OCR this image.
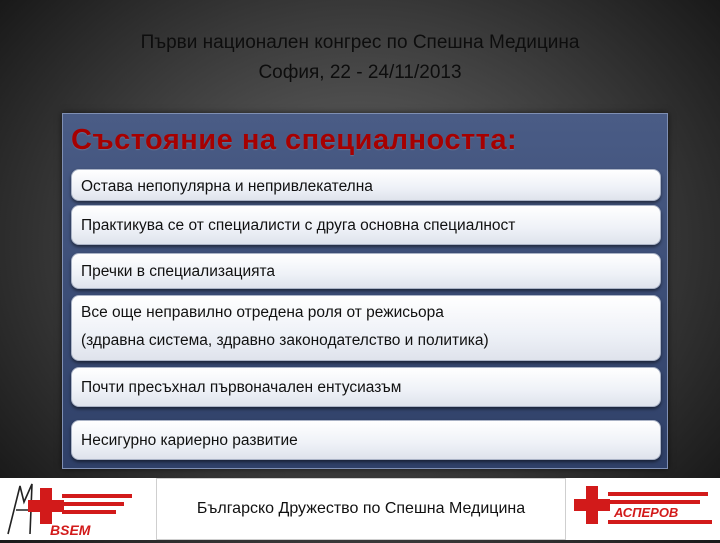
Първи национален конгрес по Спешна Медицина
София, 22 - 24/11/2013
Състояние на специалността:
Остава непопулярна и непривлекателна
Практикува се от специалисти с друга основна специалност
Пречки в специализацията
Все още неправилно отредена роля от режисьора
(здравна система, здравно законодателство и политика)
Почти пресъхнал първоначален ентусиазъм
Несигурно кариерно развитие
BSEM
Българско Дружество по Спешна Медицина	АСПЕРОВ
